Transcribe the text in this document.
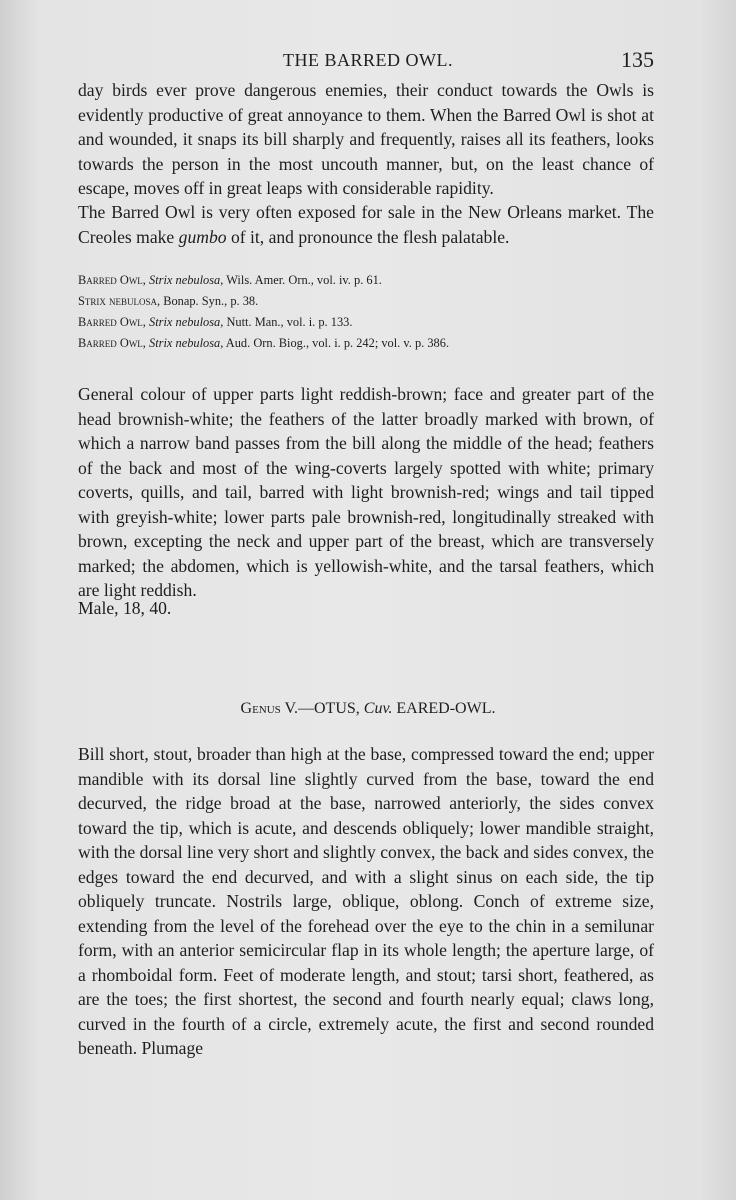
THE BARRED OWL.	135

day birds ever prove dangerous enemies, their conduct towards the Owls is evidently productive of great annoyance to them. When the Barred Owl is shot at and wounded, it snaps its bill sharply and frequently, raises all its feathers, looks towards the person in the most uncouth manner, but, on the least chance of escape, moves off in great leaps with considerable rapidity.

The Barred Owl is very often exposed for sale in the New Orleans market. The Creoles make gumbo of it, and pronounce the flesh palatable.

Barred Owl, Strix nebulosa, Wils. Amer. Orn., vol. iv. p. 61.
Strix nebulosa, Bonap. Syn., p. 38.
Barred Owl, Strix nebulosa, Nutt. Man., vol. i. p. 133.
Barred Owl, Strix nebulosa, Aud. Orn. Biog., vol. i. p. 242; vol. v. p. 386.

General colour of upper parts light reddish-brown; face and greater part of the head brownish-white; the feathers of the latter broadly marked with brown, of which a narrow band passes from the bill along the middle of the head; feathers of the back and most of the wing-coverts largely spotted with white; primary coverts, quills, and tail, barred with light brownish-red; wings and tail tipped with greyish-white; lower parts pale brownish-red, longitudinally streaked with brown, excepting the neck and upper part of the breast, which are transversely marked; the abdomen, which is yellowish-white, and the tarsal feathers, which are light reddish.

Male, 18, 40.

Genus V.—OTUS, Cuv. EARED-OWL.

Bill short, stout, broader than high at the base, compressed toward the end; upper mandible with its dorsal line slightly curved from the base, toward the end decurved, the ridge broad at the base, narrowed anteriorly, the sides convex toward the tip, which is acute, and descends obliquely; lower mandible straight, with the dorsal line very short and slightly convex, the back and sides convex, the edges toward the end decurved, and with a slight sinus on each side, the tip obliquely truncate. Nostrils large, oblique, oblong. Conch of extreme size, extending from the level of the forehead over the eye to the chin in a semilunar form, with an anterior semicircular flap in its whole length; the aperture large, of a rhomboidal form. Feet of moderate length, and stout; tarsi short, feathered, as are the toes; the first shortest, the second and fourth nearly equal; claws long, curved in the fourth of a circle, extremely acute, the first and second rounded beneath. Plumage
